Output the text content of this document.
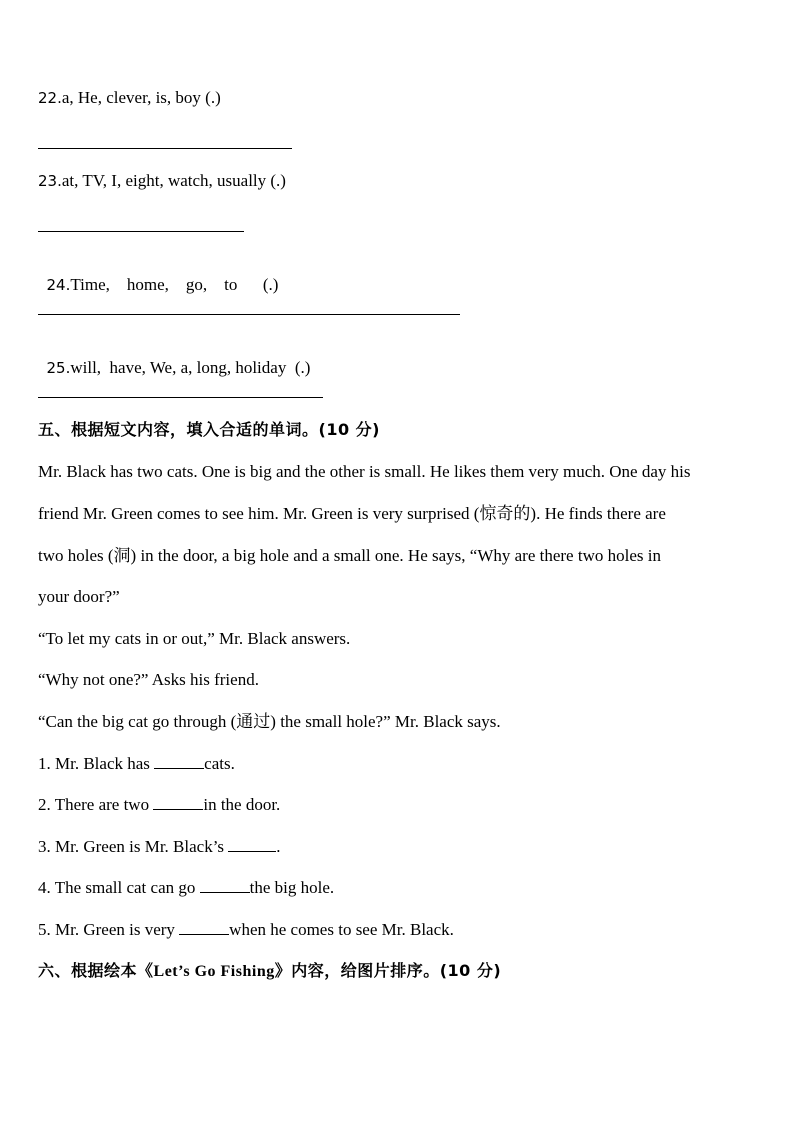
22.a, He, clever, is, boy (.)
23.at, TV, I, eight, watch, usually (.)

24.Time,    home,    go,    to      (.)

25.will,  have, We, a, long, holiday  (.)

五、根据短文内容，填入合适的单词。(10 分)
Mr. Black has two cats. One is big and the other is small. He likes them very much. One day his
friend Mr. Green comes to see him. Mr. Green is very surprised (惊奇的). He finds there are
two holes (洞) in the door, a big hole and a small one. He says, “Why are there two holes in
your door?”
“To let my cats in or out,” Mr. Black answers.
“Why not one?” Asks his friend.
“Can the big cat go through (通过) the small hole?” Mr. Black says.
1. Mr. Black has	cats.
2. There are two	in the door.
3. Mr. Green is Mr. Black’s	.
4. The small cat can go	the big hole.
5. Mr. Green is very	when he comes to see Mr. Black.
六、根据绘本《Let’s Go Fishing》内容，给图片排序。(10 分)
